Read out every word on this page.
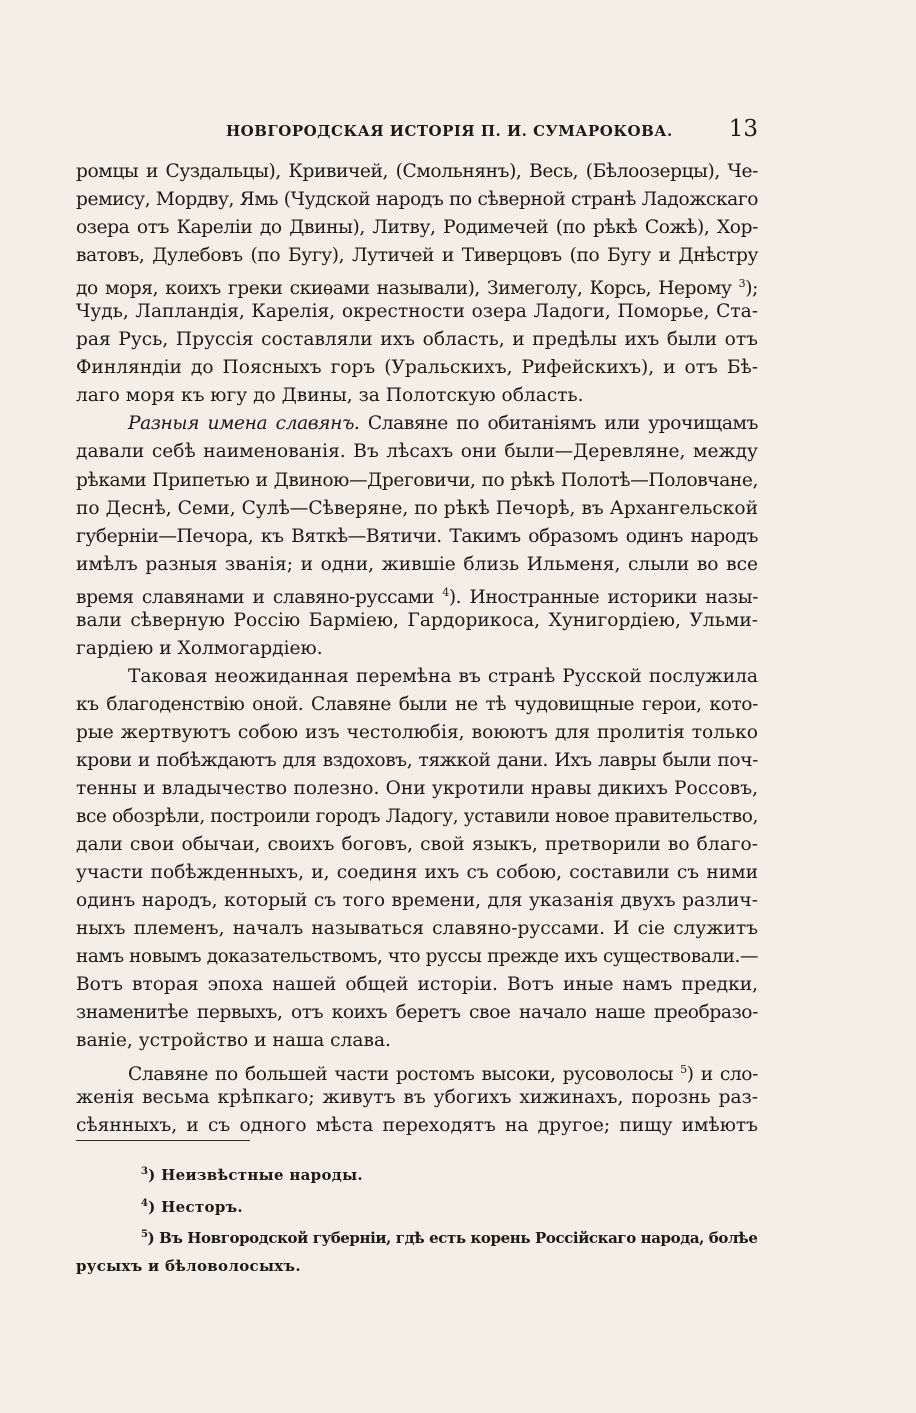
НОВГОРОДСКАЯ ИСТОРІЯ П. И. СУМАРОКОВА. 13
ромцы и Суздальцы), Кривичей, (Смольнянъ), Весь, (Бѣлоозерцы), Че-
ремису, Мордву, Ямь (Чудской народъ по сѣверной странѣ Ладожскаго
озера отъ Кареліи до Двины), Литву, Родимечей (по рѣкѣ Сожѣ), Хор-
ватовъ, Дулебовъ (по Бугу), Лутичей и Тиверцовъ (по Бугу и Днѣстру
до моря, коихъ греки скиѳами называли), Зимеголу, Корсь, Нерому $^3$);
Чудь, Лапландія, Карелія, окрестности озера Ладоги, Поморье, Ста-
рая Русь, Пруссія составляли ихъ область, и предѣлы ихъ были отъ
Финляндіи до Поясныхъ горъ (Уральскихъ, Рифейскихъ), и отъ Бѣ-
лаго моря къ югу до Двины, за Полотскую область.
Разныя имена славянъ. Славяне по обитаніямъ или урочищамъ
давали себѣ наименованія. Въ лѣсахъ они были—Деревляне, между
рѣками Припетью и Двиною—Дреговичи, по рѣкѣ Полотѣ—Половчане,
по Деснѣ, Семи, Сулѣ—Сѣверяне, по рѣкѣ Печорѣ, въ Архангельской
губерніи—Печора, къ Вяткѣ—Вятичи. Такимъ образомъ одинъ народъ
имѣлъ разныя званія; и одни, жившіе близь Ильменя, слыли во все
время славянами и славяно-руссами $^4$). Иностранные историки назы-
вали сѣверную Россію Барміею, Гардорикоса, Хунигордіею, Ульми-
гардіею и Холмогардіею.
Таковая неожиданная перемѣна въ странѣ Русской послужила
къ благоденствію оной. Славяне были не тѣ чудовищные герои, кото-
рые жертвуютъ собою изъ честолюбія, воюютъ для пролитія только
крови и побѣждаютъ для вздоховъ, тяжкой дани. Ихъ лавры были поч-
тенны и владычество полезно. Они укротили нравы дикихъ Россовъ,
все обозрѣли, построили городъ Ладогу, уставили новое правительство,
дали свои обычаи, своихъ боговъ, свой языкъ, претворили во благо-
участи побѣжденныхъ, и, соединя ихъ съ собою, составили съ ними
одинъ народъ, который съ того времени, для указанія двухъ различ-
ныхъ племенъ, началъ называться славяно-руссами. И сіе служитъ
намъ новымъ доказательствомъ, что руссы прежде ихъ существовали.—
Вотъ вторая эпоха нашей общей исторіи. Вотъ иные намъ предки,
знаменитѣе первыхъ, отъ коихъ беретъ свое начало наше преобразо-
ваніе, устройство и наша слава.
Славяне по большей части ростомъ высоки, русоволосы $^5$) и сло-
женія весьма крѣпкаго; живутъ въ убогихъ хижинахъ, порознь раз-
сѣянныхъ, и съ одного мѣста переходятъ на другое; пищу имѣютъ
$^3$) Неизвѣстные народы.
$^4$) Несторъ.
$^5$) Въ Новгородской губерніи, гдѣ есть корень Россійскаго народа, болѣе
русыхъ и бѣловолосыхъ.
